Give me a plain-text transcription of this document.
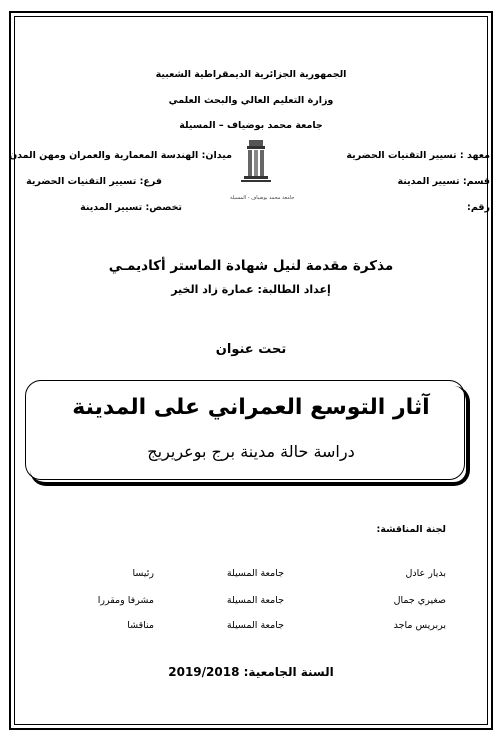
الجمهورية الجزائرية الديمقراطية الشعبية
وزارة التعليم العالي والبحث العلمي
جامعة محمد بوضياف – المسيلة
معهد : تسيير التقنيات الحضرية
قسم: تسيير المدينة
رقم:
ميدان: الهندسة المعمارية والعمران ومهن المدن
فرع: تسيير التقنيات الحضرية
تخصص: تسيير المدينة
جامعة محمد بوضياف - المسيلة
مذكرة مقدمة لنيل شهادة الماستر أكاديمـي
إعداد الطالبة: عمارة زاد الخير
تحت عنوان
آثار التوسع العمراني على المدينة
دراسة حالة مدينة برج بوعريريج
لجنة المناقشة:
بديار عادل
جامعة المسيلة
رئيسا
صغيري جمال
جامعة المسيلة
مشرفا ومقررا
بربريس ماجد
جامعة المسيلة
مناقشا
السنة الجامعية: 2019/2018
